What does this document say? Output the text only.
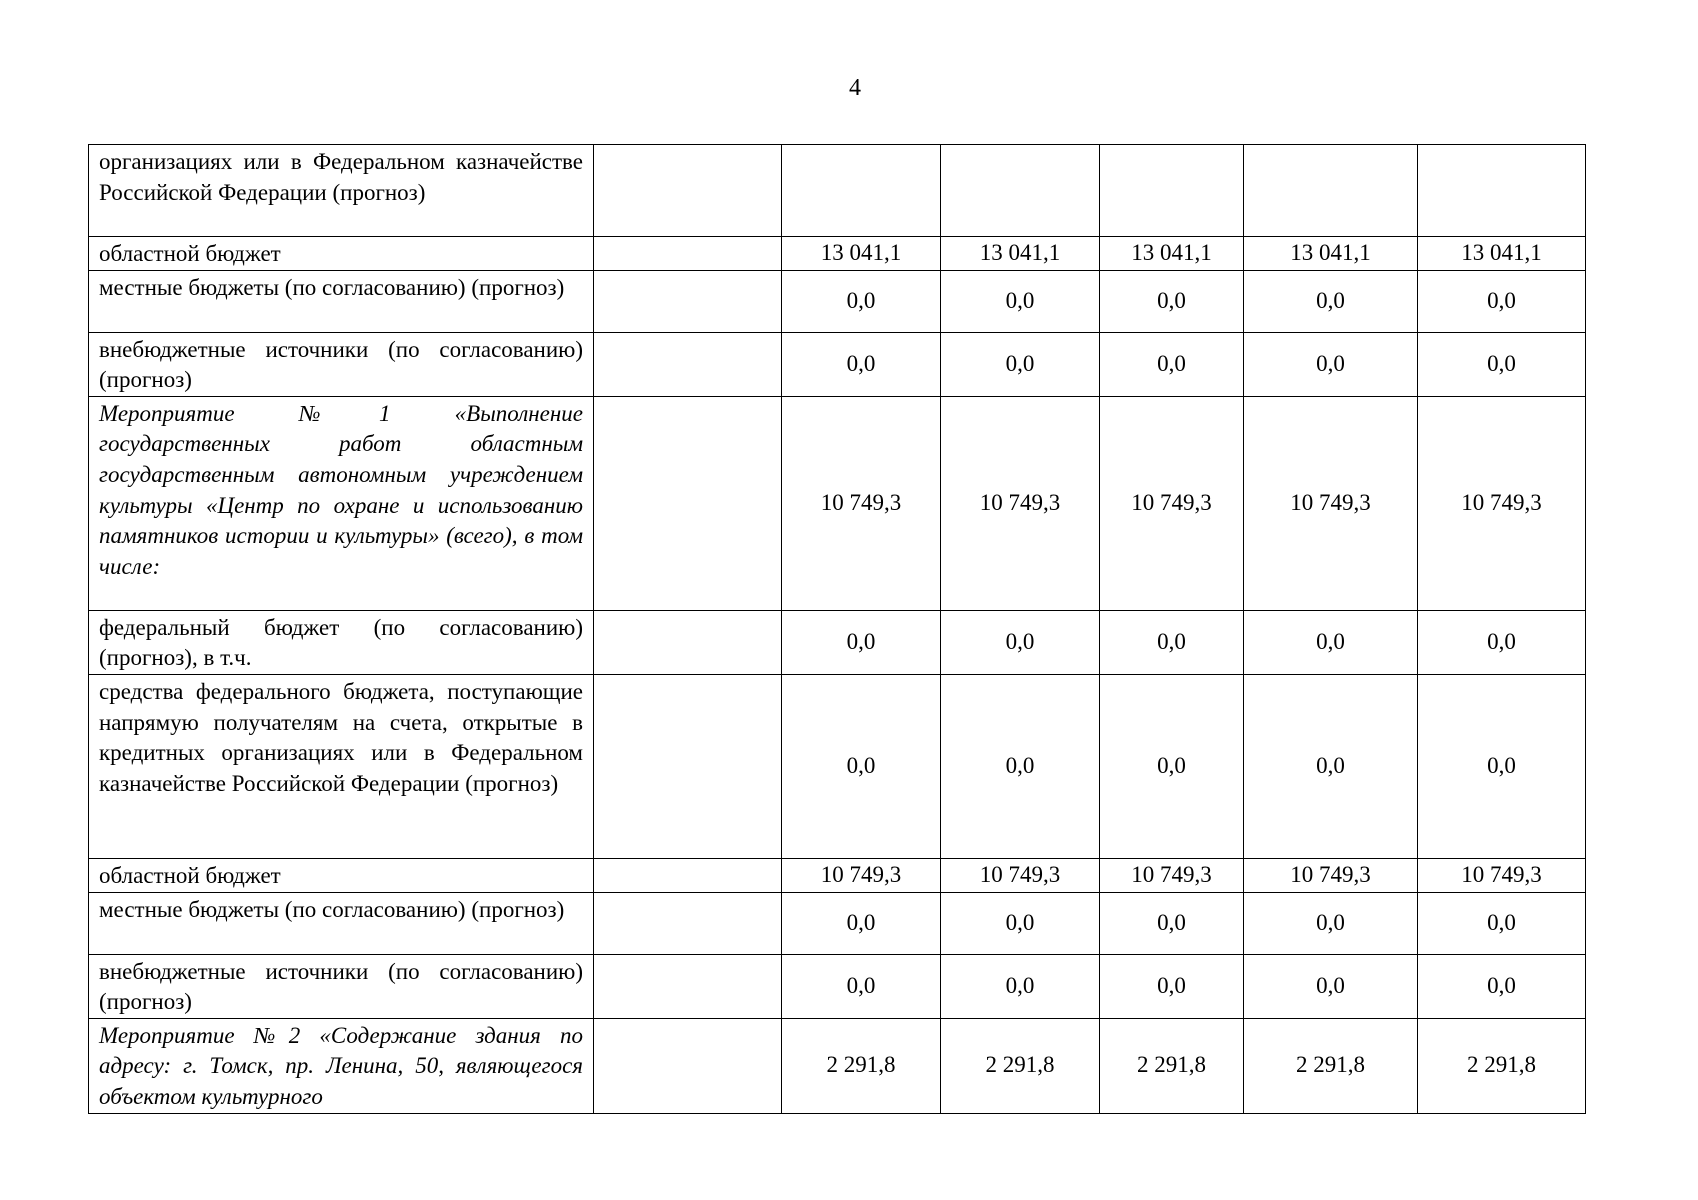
4
организациях или в Федеральном казначействе Российской Федерации (прогноз)						
областной бюджет		13 041,1	13 041,1	13 041,1	13 041,1	13 041,1
местные бюджеты (по согласованию) (прогноз)		0,0	0,0	0,0	0,0	0,0
внебюджетные источники (по согласованию) (прогноз)		0,0	0,0	0,0	0,0	0,0
Мероприятие №1 «Выполнение государственных работ областным государственным автономным учреждением культуры «Центр по охране и использованию памятников истории и культуры» (всего), в том числе:		10 749,3	10 749,3	10 749,3	10 749,3	10 749,3
федеральный бюджет (по согласованию) (прогноз), в т.ч.		0,0	0,0	0,0	0,0	0,0
средства федерального бюджета, поступающие напрямую получателям на счета, открытые в кредитных организациях или в Федеральном казначействе Российской Федерации (прогноз)		0,0	0,0	0,0	0,0	0,0
областной бюджет		10 749,3	10 749,3	10 749,3	10 749,3	10 749,3
местные бюджеты (по согласованию) (прогноз)		0,0	0,0	0,0	0,0	0,0
внебюджетные источники (по согласованию) (прогноз)		0,0	0,0	0,0	0,0	0,0
Мероприятие №2 «Содержание здания по адресу: г. Томск, пр. Ленина, 50, являющегося объектом культурного		2 291,8	2 291,8	2 291,8	2 291,8	2 291,8
